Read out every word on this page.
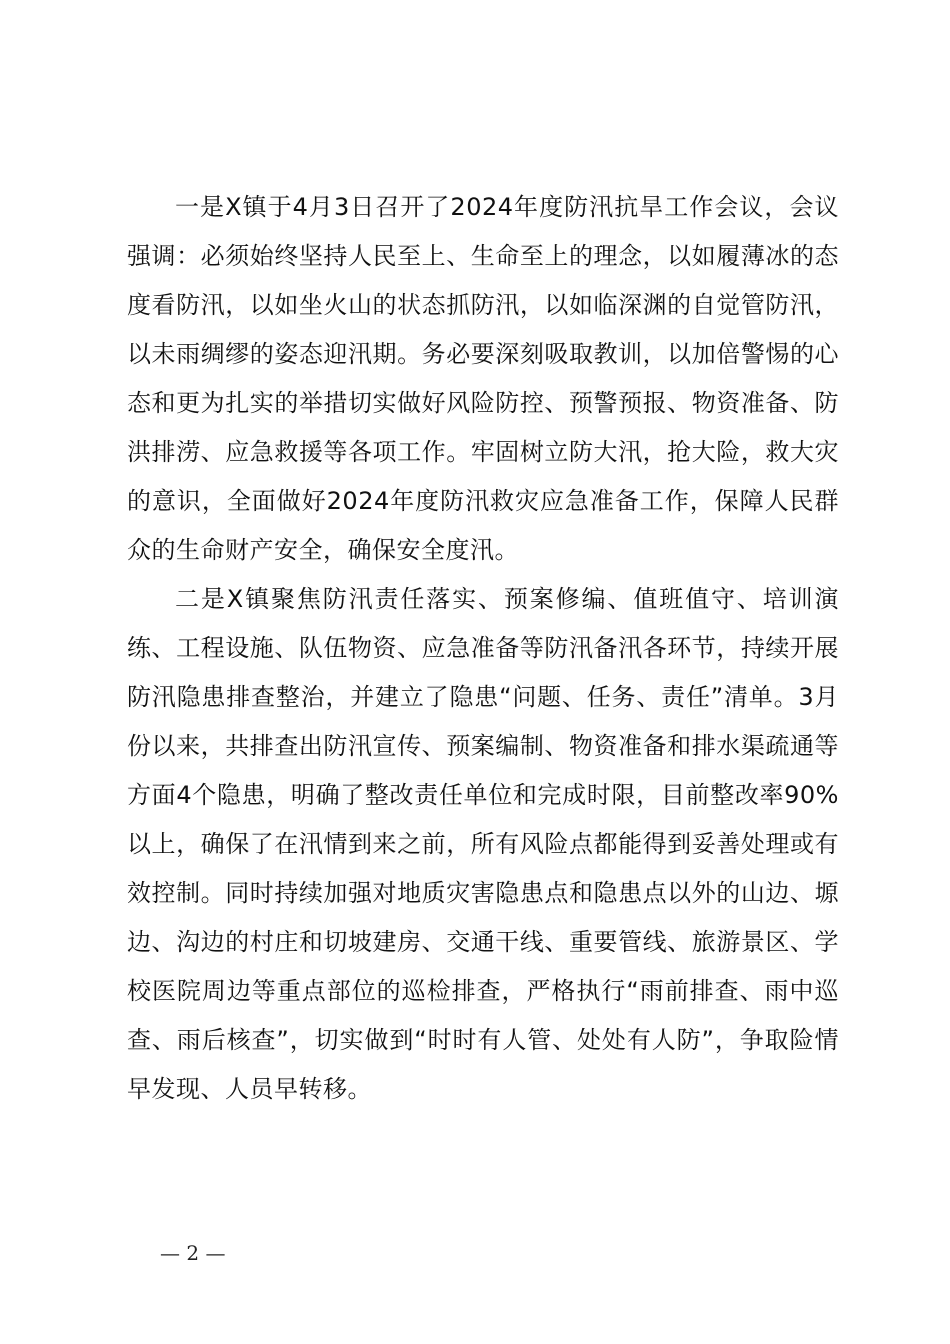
一是X镇于4月3日召开了2024年度防汛抗旱工作会议，会议强调：必须始终坚持人民至上、生命至上的理念，以如履薄冰的态度看防汛，以如坐火山的状态抓防汛，以如临深渊的自觉管防汛，以未雨绸缪的姿态迎汛期。务必要深刻吸取教训，以加倍警惕的心态和更为扎实的举措切实做好风险防控、预警预报、物资准备、防洪排涝、应急救援等各项工作。牢固树立防大汛，抢大险，救大灾的意识，全面做好2024年度防汛救灾应急准备工作，保障人民群众的生命财产安全，确保安全度汛。

二是X镇聚焦防汛责任落实、预案修编、值班值守、培训演练、工程设施、队伍物资、应急准备等防汛备汛各环节，持续开展防汛隐患排查整治，并建立了隐患“问题、任务、责任”清单。3月份以来，共排查出防汛宣传、预案编制、物资准备和排水渠疏通等方面4个隐患，明确了整改责任单位和完成时限，目前整改率90%以上，确保了在汛情到来之前，所有风险点都能得到妥善处理或有效控制。同时持续加强对地质灾害隐患点和隐患点以外的山边、塬边、沟边的村庄和切坡建房、交通干线、重要管线、旅游景区、学校医院周边等重点部位的巡检排查，严格执行“雨前排查、雨中巡查、雨后核查”，切实做到“时时有人管、处处有人防”，争取险情早发现、人员早转移。

— 2 —
